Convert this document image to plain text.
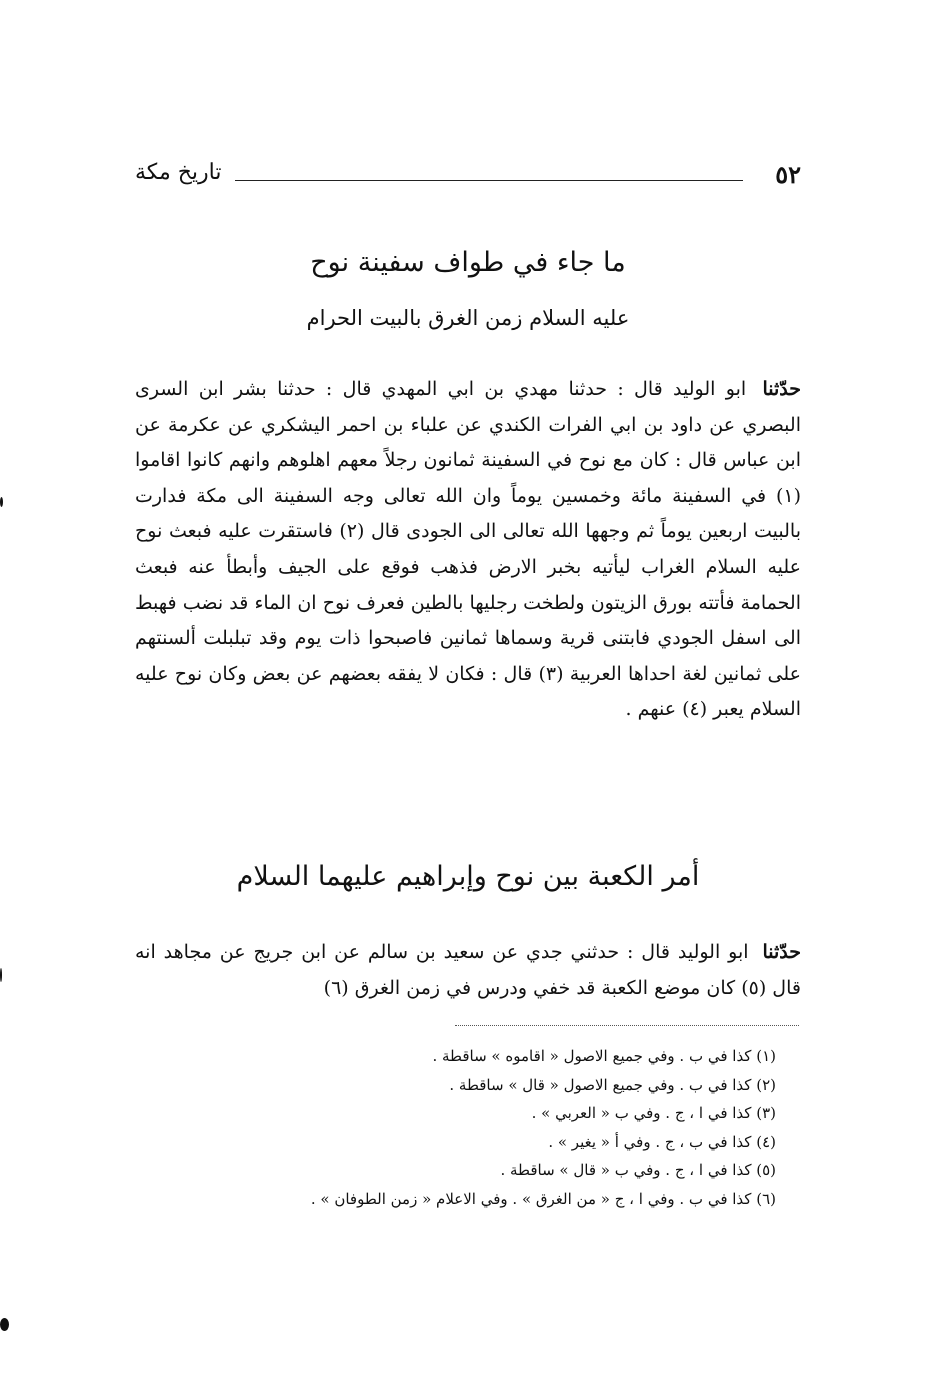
٥٢
تاريخ مكة
ما جاء في طواف سفينة نوح
عليه السلام زمن الغرق بالبيت الحرام

حدّثنا ابو الوليد قال : حدثنا مهدي بن ابي المهدي قال : حدثنا بشر ابن السرى البصري عن داود بن ابي الفرات الكندي عن علباء بن احمر اليشكري عن عكرمة عن ابن عباس قال : كان مع نوح في السفينة ثمانون رجلاً معهم اهلوهم وانهم كانوا اقاموا (١) في السفينة مائة وخمسين يوماً وان الله تعالى وجه السفينة الى مكة فدارت بالبيت اربعين يوماً ثم وجهها الله تعالى الى الجودى قال (٢) فاستقرت عليه فبعث نوح عليه السلام الغراب ليأتيه بخبر الارض فذهب فوقع على الجيف وأبطأ عنه فبعث الحمامة فأتته بورق الزيتون ولطخت رجليها بالطين فعرف نوح ان الماء قد نضب فهبط الى اسفل الجودي فابتنى قرية وسماها ثمانين فاصبحوا ذات يوم وقد تبلبلت ألسنتهم على ثمانين لغة احداها العربية (٣) قال : فكان لا يفقه بعضهم عن بعض وكان نوح عليه السلام يعبر (٤) عنهم .

أمر الكعبة بين نوح وإبراهيم عليهما السلام

حدّثنا ابو الوليد قال : حدثني جدي عن سعيد بن سالم عن ابن جريج عن مجاهد انه قال (٥) كان موضع الكعبة قد خفي ودرس في زمن الغرق (٦)

(١) كذا في ب . وفي جميع الاصول « اقاموه » ساقطة .
(٢) كذا في ب . وفي جميع الاصول « قال » ساقطة .
(٣) كذا في ا ، ج . وفي ب « العربي » .
(٤) كذا في ب ، ج . وفي أ « يغير » .
(٥) كذا في ا ، ج . وفي ب « قال » ساقطة .
(٦) كذا في ب . وفي ا ، ج « من الغرق » . وفي الاعلام « زمن الطوفان » .
